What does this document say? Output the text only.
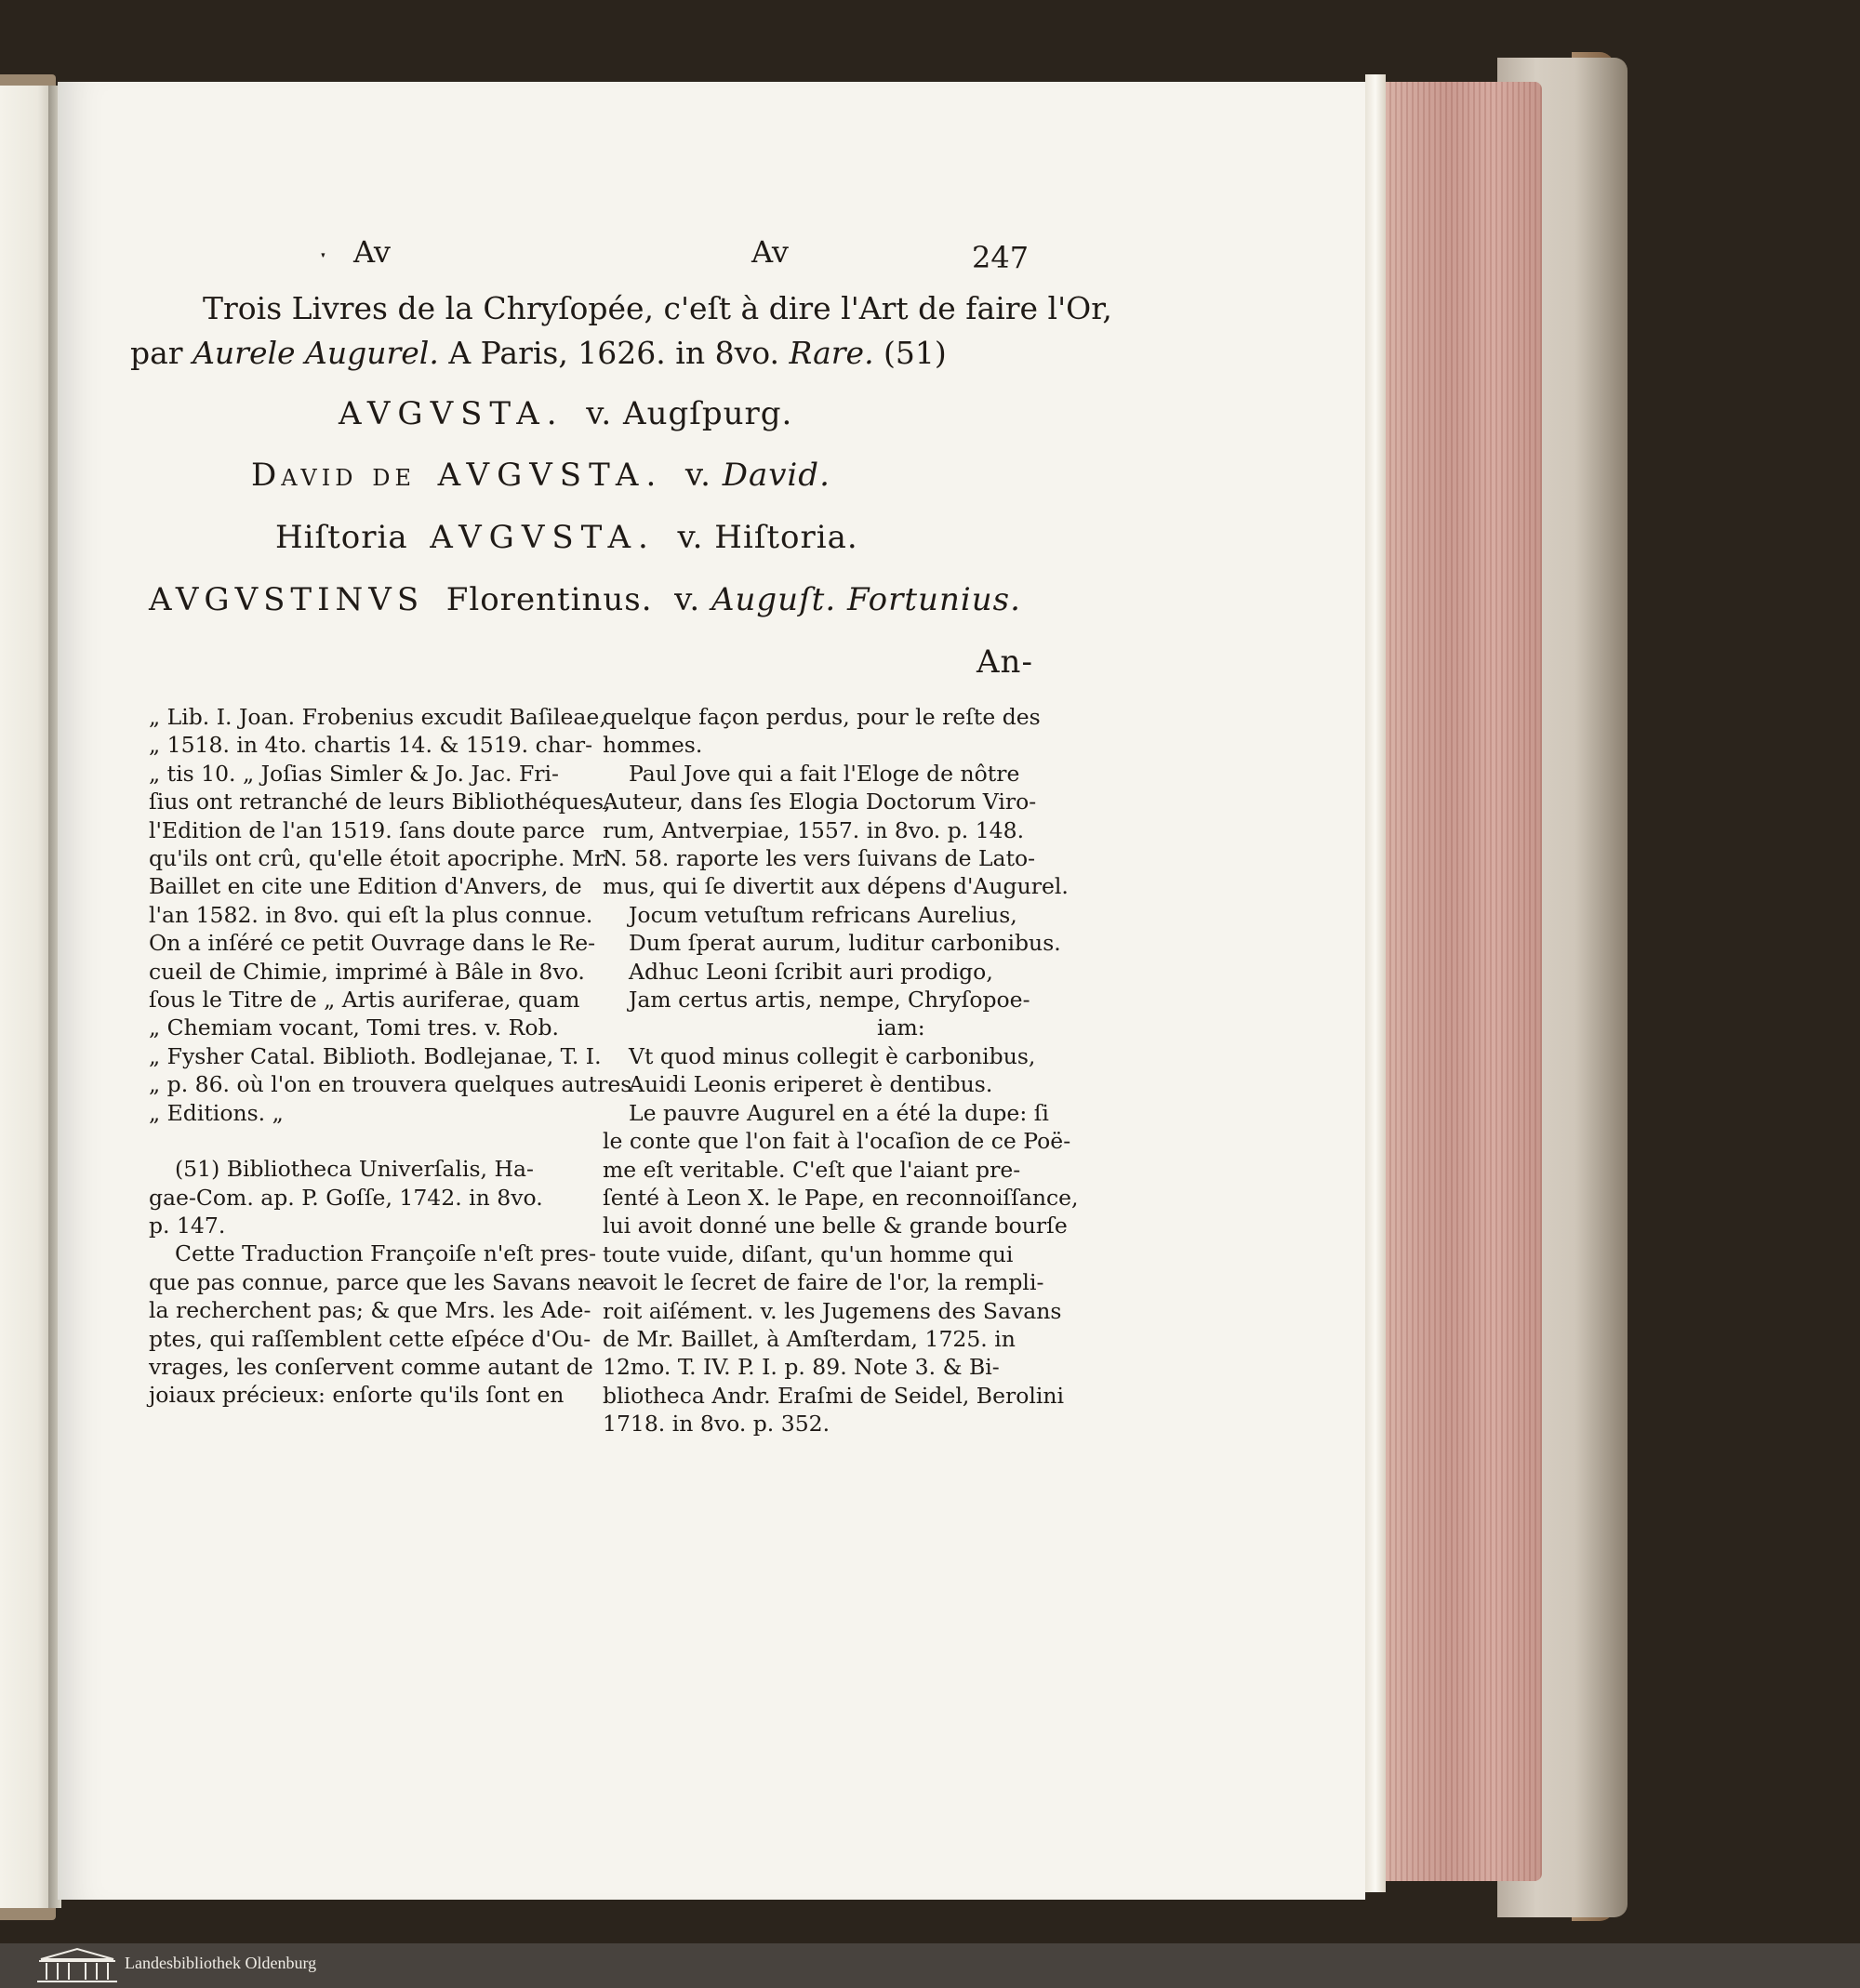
ˑ Av	Av	247
Trois Livres de la Chryſopée, c'eſt à dire l'Art de faire l'Or,
par Aurele Augurel. A Paris, 1626. in 8vo. Rare. (51)
AVGVSTA. v. Augſpurg.
David de AVGVSTA. v. David.
Hiſtoria AVGVSTA. v. Hiſtoria.
AVGVSTINVS Florentinus. v. Auguſt. Fortunius.
An-
„ Lib. I. Joan. Frobenius excudit Baſileae,
„ 1518. in 4to. chartis 14. & 1519. char-
„ tis 10. „ Joſias Simler & Jo. Jac. Fri-
ſius ont retranché de leurs Bibliothéques,
l'Edition de l'an 1519. ſans doute parce
qu'ils ont crû, qu'elle étoit apocriphe. Mr.
Baillet en cite une Edition d'Anvers, de
l'an 1582. in 8vo. qui eſt la plus connue.
On a inſéré ce petit Ouvrage dans le Re-
cueil de Chimie, imprimé à Bâle in 8vo.
ſous le Titre de „ Artis auriferae, quam
„ Chemiam vocant, Tomi tres. v. Rob.
„ Fysher Catal. Biblioth. Bodlejanae, T. I.
„ p. 86. où l'on en trouvera quelques autres
„ Editions. „
(51) Bibliotheca Univerſalis, Ha-
gae-Com. ap. P. Goſſe, 1742. in 8vo.
p. 147.
Cette Traduction Françoiſe n'eſt pres-
que pas connue, parce que les Savans ne
la recherchent pas; & que Mrs. les Ade-
ptes, qui raſſemblent cette eſpéce d'Ou-
vrages, les conſervent comme autant de
joiaux précieux: enſorte qu'ils ſont en
quelque façon perdus, pour le reſte des
hommes.
Paul Jove qui a fait l'Eloge de nôtre
Auteur, dans ſes Elogia Doctorum Viro-
rum, Antverpiae, 1557. in 8vo. p. 148.
N. 58. raporte les vers ſuivans de Lato-
mus, qui ſe divertit aux dépens d'Augurel.
Jocum vetuſtum refricans Aurelius,
Dum ſperat aurum, luditur carbonibus.
Adhuc Leoni ſcribit auri prodigo,
Jam certus artis, nempe, Chryſopoe-
iam:
Vt quod minus collegit è carbonibus,
Auidi Leonis eriperet è dentibus.
Le pauvre Augurel en a été la dupe: ſi
le conte que l'on fait à l'ocaſion de ce Poë-
me eſt veritable. C'eſt que l'aiant pre-
ſenté à Leon X. le Pape, en reconnoiſſance,
lui avoit donné une belle & grande bourſe
toute vuide, diſant, qu'un homme qui
avoit le ſecret de faire de l'or, la rempli-
roit aiſément. v. les Jugemens des Savans
de Mr. Baillet, à Amſterdam, 1725. in
12mo. T. IV. P. I. p. 89. Note 3. & Bi-
bliotheca Andr. Eraſmi de Seidel, Berolini
1718. in 8vo. p. 352.
Landesbibliothek Oldenburg
